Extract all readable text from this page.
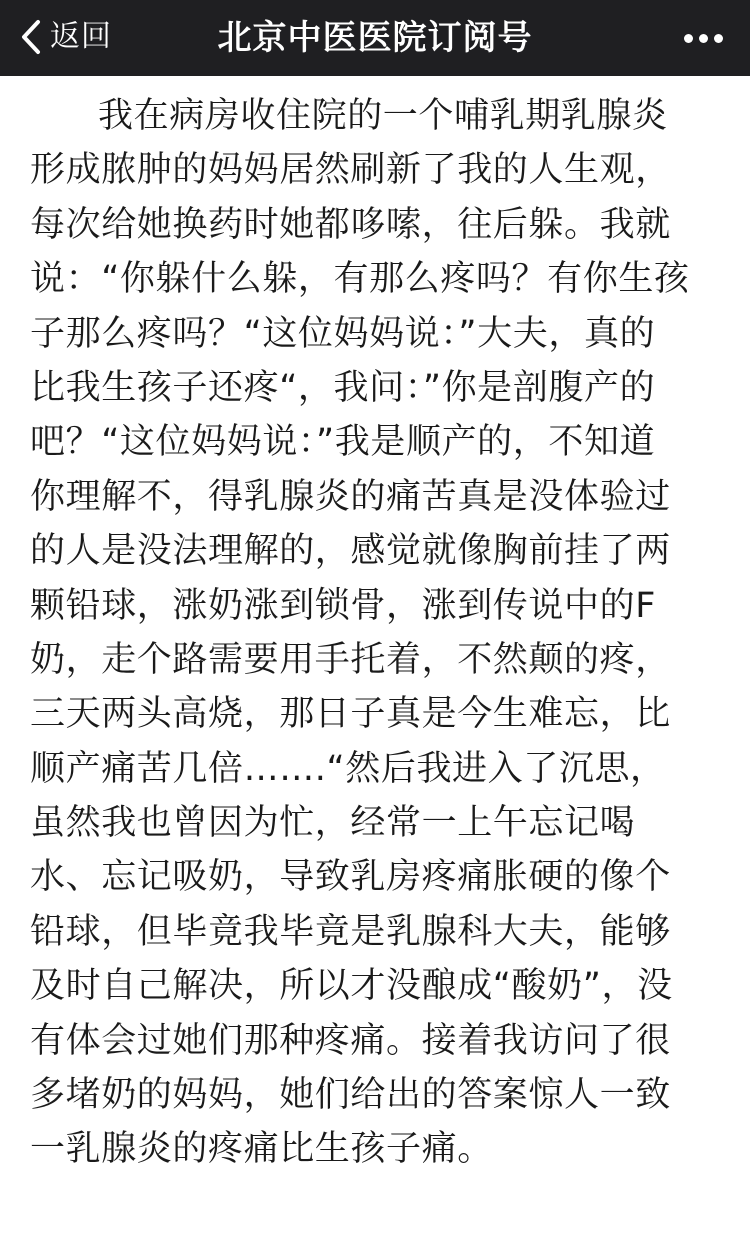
返回	北京中医医院订阅号
我在病房收住院的一个哺乳期乳腺炎
形成脓肿的妈妈居然刷新了我的人生观，
每次给她换药时她都哆嗦，往后躲。我就
说：“你躲什么躲，有那么疼吗？有你生孩
子那么疼吗？“这位妈妈说：”大夫，真的
比我生孩子还疼“，我问：”你是剖腹产的
吧？“这位妈妈说：”我是顺产的，不知道
你理解不，得乳腺炎的痛苦真是没体验过
的人是没法理解的，感觉就像胸前挂了两
颗铅球，涨奶涨到锁骨，涨到传说中的F
奶，走个路需要用手托着，不然颠的疼，
三天两头高烧，那日子真是今生难忘，比
顺产痛苦几倍…….“然后我进入了沉思，
虽然我也曾因为忙，经常一上午忘记喝
水、忘记吸奶，导致乳房疼痛胀硬的像个
铅球，但毕竟我毕竟是乳腺科大夫，能够
及时自己解决，所以才没酿成“酸奶”，没
有体会过她们那种疼痛。接着我访问了很
多堵奶的妈妈，她们给出的答案惊人一致
一乳腺炎的疼痛比生孩子痛。
